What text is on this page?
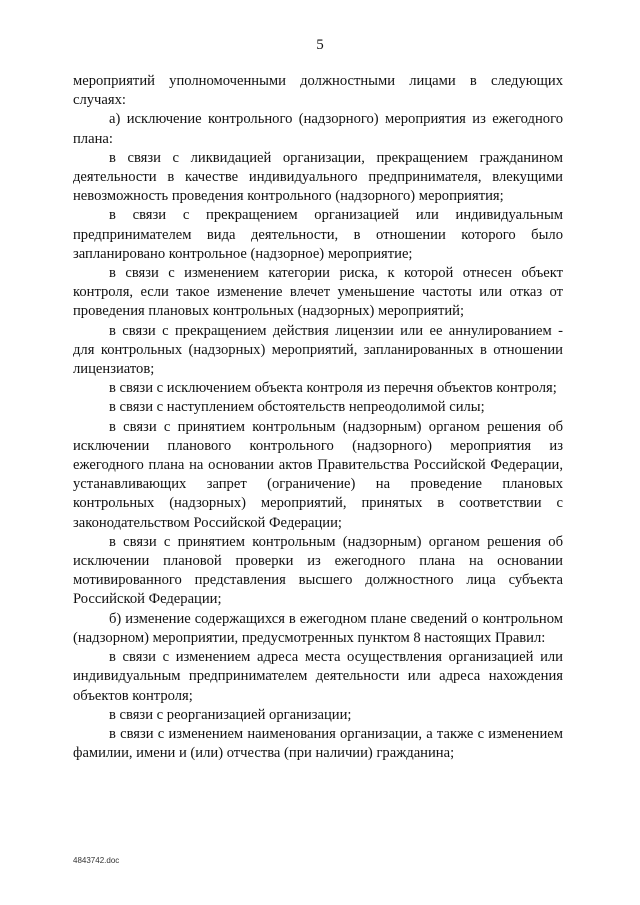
5

мероприятий уполномоченными должностными лицами в следующих случаях:

а) исключение контрольного (надзорного) мероприятия из ежегодного плана:

в связи с ликвидацией организации, прекращением гражданином деятельности в качестве индивидуального предпринимателя, влекущими невозможность проведения контрольного (надзорного) мероприятия;

в связи с прекращением организацией или индивидуальным предпринимателем вида деятельности, в отношении которого было запланировано контрольное (надзорное) мероприятие;

в связи с изменением категории риска, к которой отнесен объект контроля, если такое изменение влечет уменьшение частоты или отказ от проведения плановых контрольных (надзорных) мероприятий;

в связи с прекращением действия лицензии или ее аннулированием - для контрольных (надзорных) мероприятий, запланированных в отношении лицензиатов;

в связи с исключением объекта контроля из перечня объектов контроля;

в связи с наступлением обстоятельств непреодолимой силы;

в связи с принятием контрольным (надзорным) органом решения об исключении планового контрольного (надзорного) мероприятия из ежегодного плана на основании актов Правительства Российской Федерации, устанавливающих запрет (ограничение) на проведение плановых контрольных (надзорных) мероприятий, принятых в соответствии с законодательством Российской Федерации;

в связи с принятием контрольным (надзорным) органом решения об исключении плановой проверки из ежегодного плана на основании мотивированного представления высшего должностного лица субъекта Российской Федерации;

б) изменение содержащихся в ежегодном плане сведений о контрольном (надзорном) мероприятии, предусмотренных пунктом 8 настоящих Правил:

в связи с изменением адреса места осуществления организацией или индивидуальным предпринимателем деятельности или адреса нахождения объектов контроля;

в связи с реорганизацией организации;

в связи с изменением наименования организации, а также с изменением фамилии, имени и (или) отчества (при наличии) гражданина;

4843742.doc
